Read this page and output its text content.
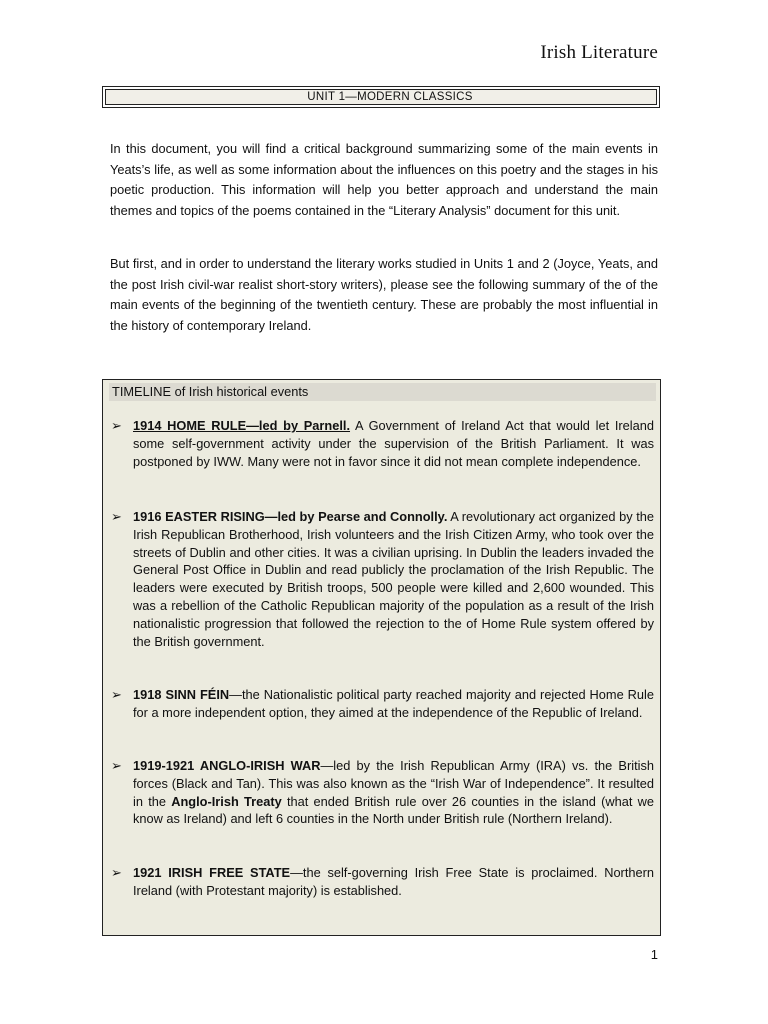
Irish Literature
UNIT 1—MODERN CLASSICS

In this document, you will find a critical background summarizing some of the main events in Yeats’s life, as well as some information about the influences on this poetry and the stages in his poetic production. This information will help you better approach and understand the main themes and topics of the poems contained in the “Literary Analysis” document for this unit.

But first, and in order to understand the literary works studied in Units 1 and 2 (Joyce, Yeats, and the post Irish civil-war realist short-story writers), please see the following summary of the of the main events of the beginning of the twentieth century. These are probably the most influential in the history of contemporary Ireland.

TIMELINE of Irish historical events
➢ 1914 HOME RULE—led by Parnell. A Government of Ireland Act that would let Ireland some self-government activity under the supervision of the British Parliament. It was postponed by IWW. Many were not in favor since it did not mean complete independence.
➢ 1916 EASTER RISING—led by Pearse and Connolly. A revolutionary act organized by the Irish Republican Brotherhood, Irish volunteers and the Irish Citizen Army, who took over the streets of Dublin and other cities. It was a civilian uprising. In Dublin the leaders invaded the General Post Office in Dublin and read publicly the proclamation of the Irish Republic. The leaders were executed by British troops, 500 people were killed and 2,600 wounded. This was a rebellion of the Catholic Republican majority of the population as a result of the Irish nationalistic progression that followed the rejection to the of Home Rule system offered by the British government.
➢ 1918 SINN FÉIN—the Nationalistic political party reached majority and rejected Home Rule for a more independent option, they aimed at the independence of the Republic of Ireland.
➢ 1919-1921 ANGLO-IRISH WAR—led by the Irish Republican Army (IRA) vs. the British forces (Black and Tan). This was also known as the “Irish War of Independence”. It resulted in the Anglo-Irish Treaty that ended British rule over 26 counties in the island (what we know as Ireland) and left 6 counties in the North under British rule (Northern Ireland).
➢ 1921 IRISH FREE STATE—the self-governing Irish Free State is proclaimed. Northern Ireland (with Protestant majority) is established.
1
